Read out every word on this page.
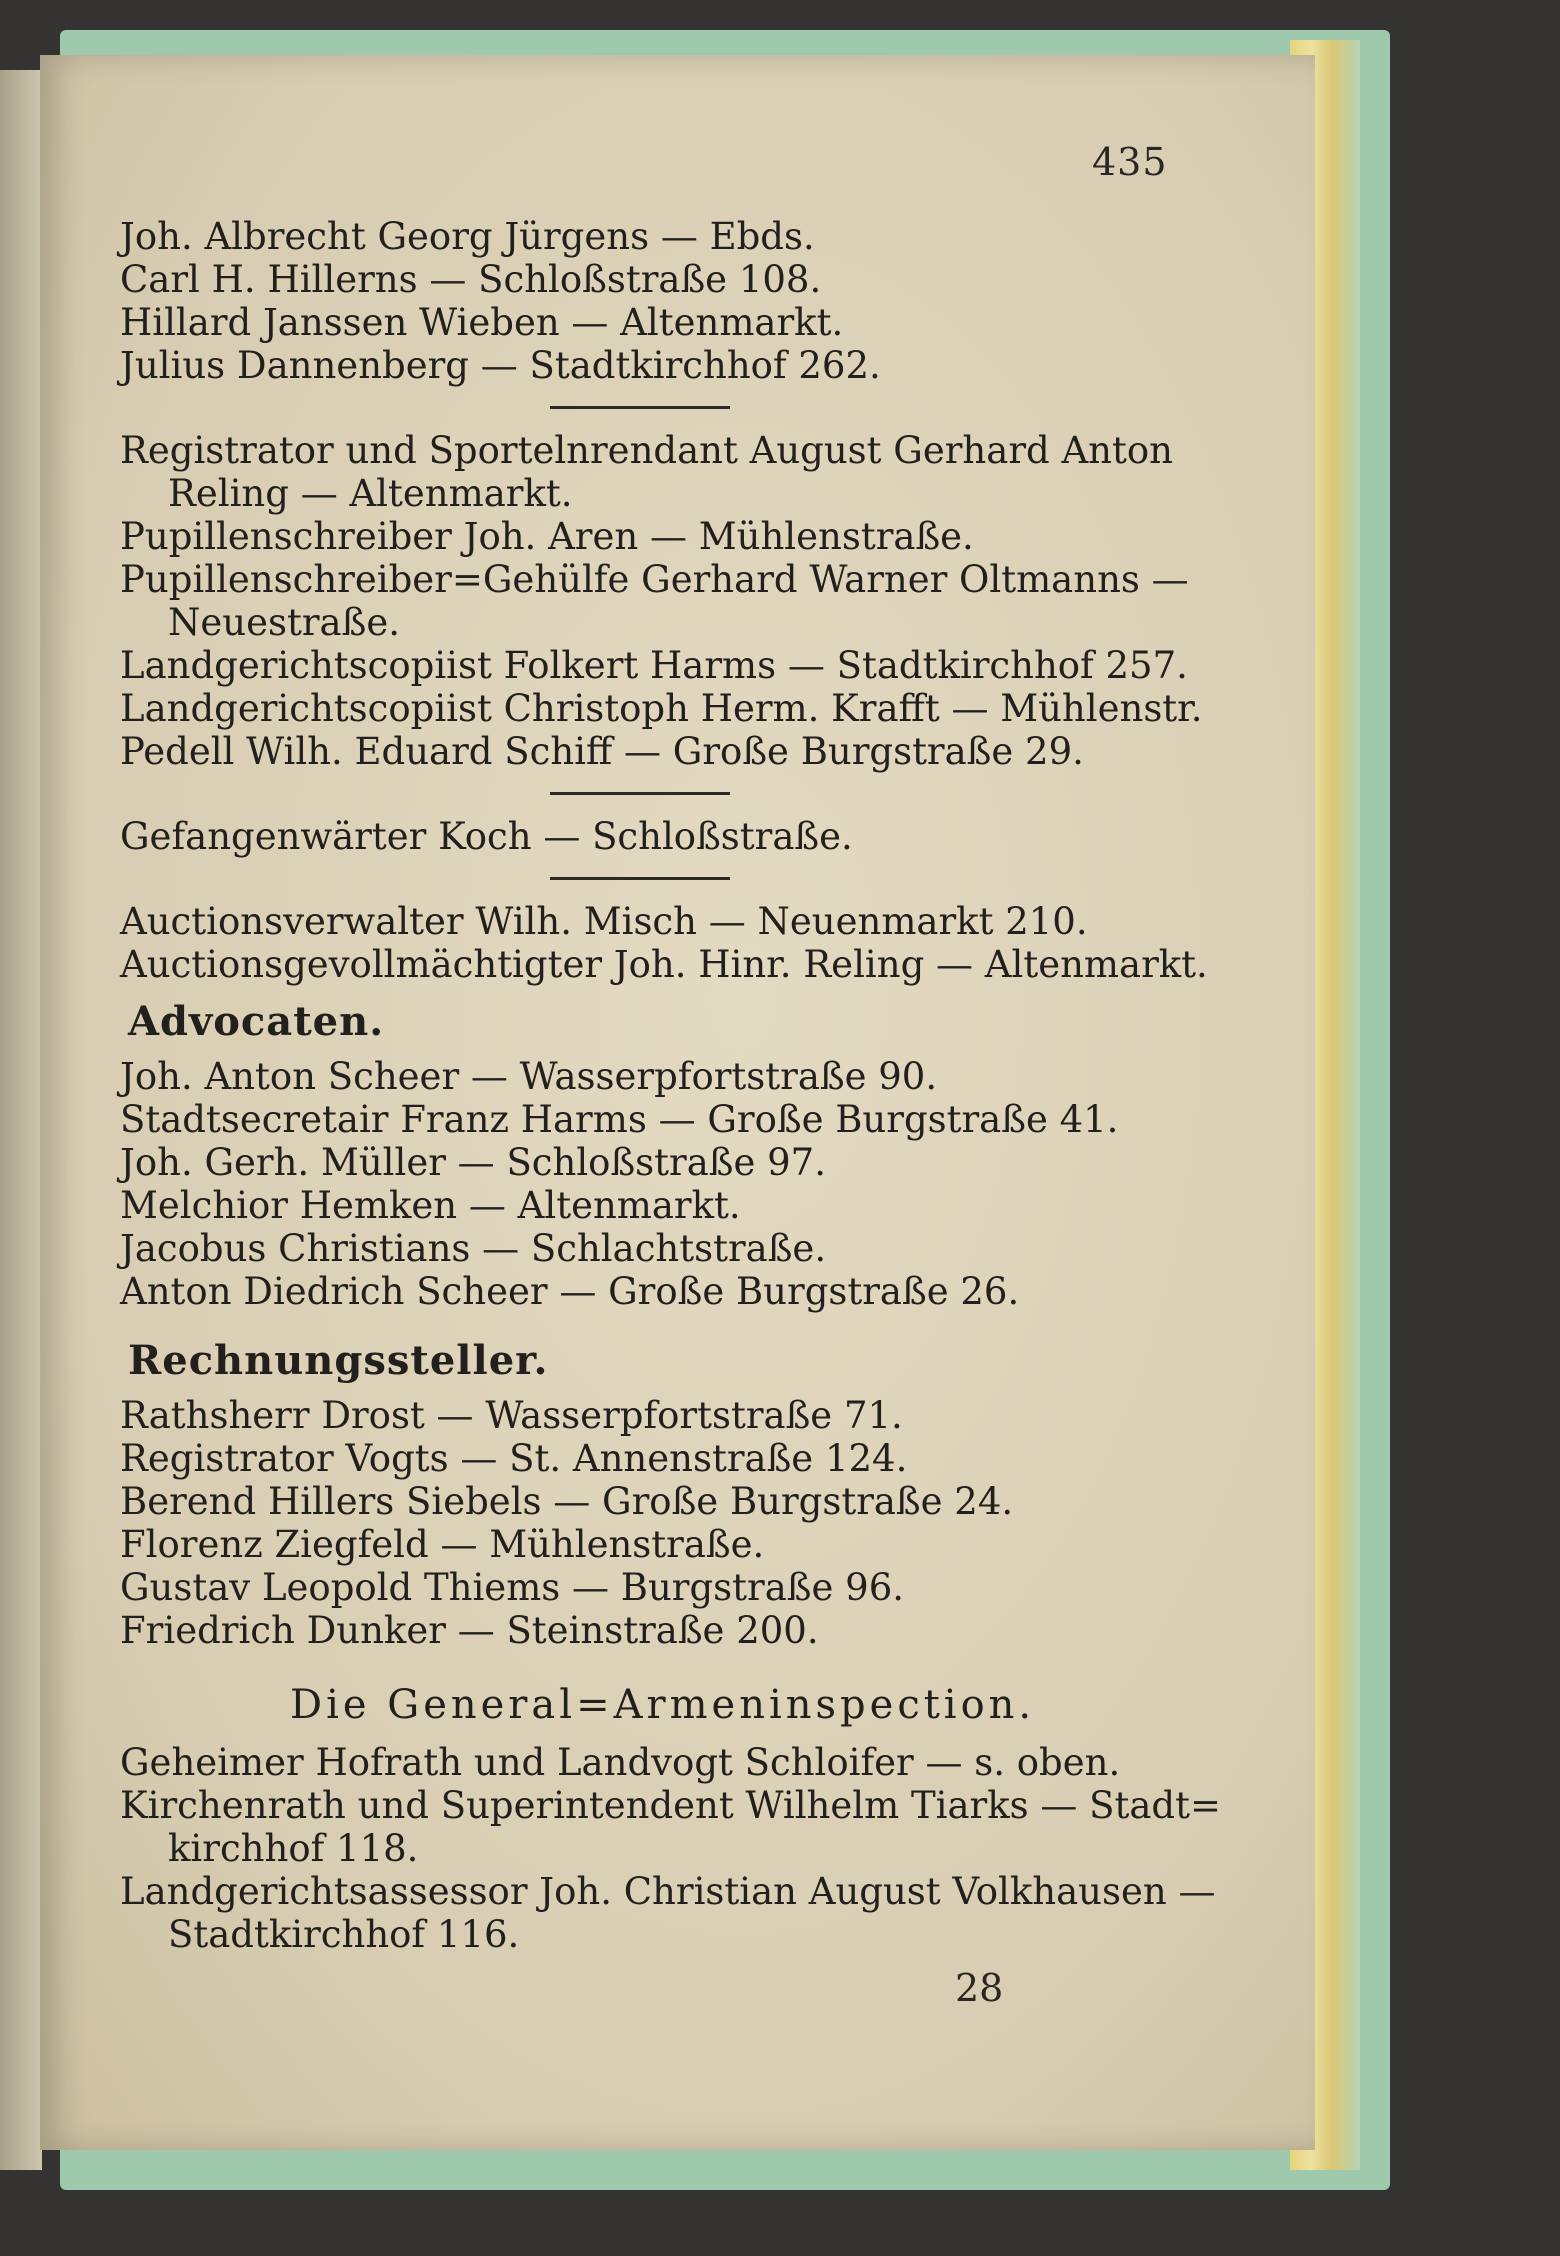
435
Joh. Albrecht Georg Jürgens — Ebds.
Carl H. Hillerns — Schloßstraße 108.
Hillard Janssen Wieben — Altenmarkt.
Julius Dannenberg — Stadtkirchhof 262.
Registrator und Sportelnrendant August Gerhard Anton
Reling — Altenmarkt.
Pupillenschreiber Joh. Aren — Mühlenstraße.
Pupillenschreiber=Gehülfe Gerhard Warner Oltmanns —
Neuestraße.
Landgerichtscopiist Folkert Harms — Stadtkirchhof 257.
Landgerichtscopiist Christoph Herm. Krafft — Mühlenstr.
Pedell Wilh. Eduard Schiff — Große Burgstraße 29.
Gefangenwärter Koch — Schloßstraße.
Auctionsverwalter Wilh. Misch — Neuenmarkt 210.
Auctionsgevollmächtigter Joh. Hinr. Reling — Altenmarkt.
Advocaten.
Joh. Anton Scheer — Wasserpfortstraße 90.
Stadtsecretair Franz Harms — Große Burgstraße 41.
Joh. Gerh. Müller — Schloßstraße 97.
Melchior Hemken — Altenmarkt.
Jacobus Christians — Schlachtstraße.
Anton Diedrich Scheer — Große Burgstraße 26.
Rechnungssteller.
Rathsherr Drost — Wasserpfortstraße 71.
Registrator Vogts — St. Annenstraße 124.
Berend Hillers Siebels — Große Burgstraße 24.
Florenz Ziegfeld — Mühlenstraße.
Gustav Leopold Thiems — Burgstraße 96.
Friedrich Dunker — Steinstraße 200.
Die General=Armeninspection.
Geheimer Hofrath und Landvogt Schloifer — s. oben.
Kirchenrath und Superintendent Wilhelm Tiarks — Stadt=
kirchhof 118.
Landgerichtsassessor Joh. Christian August Volkhausen —
Stadtkirchhof 116.
28
